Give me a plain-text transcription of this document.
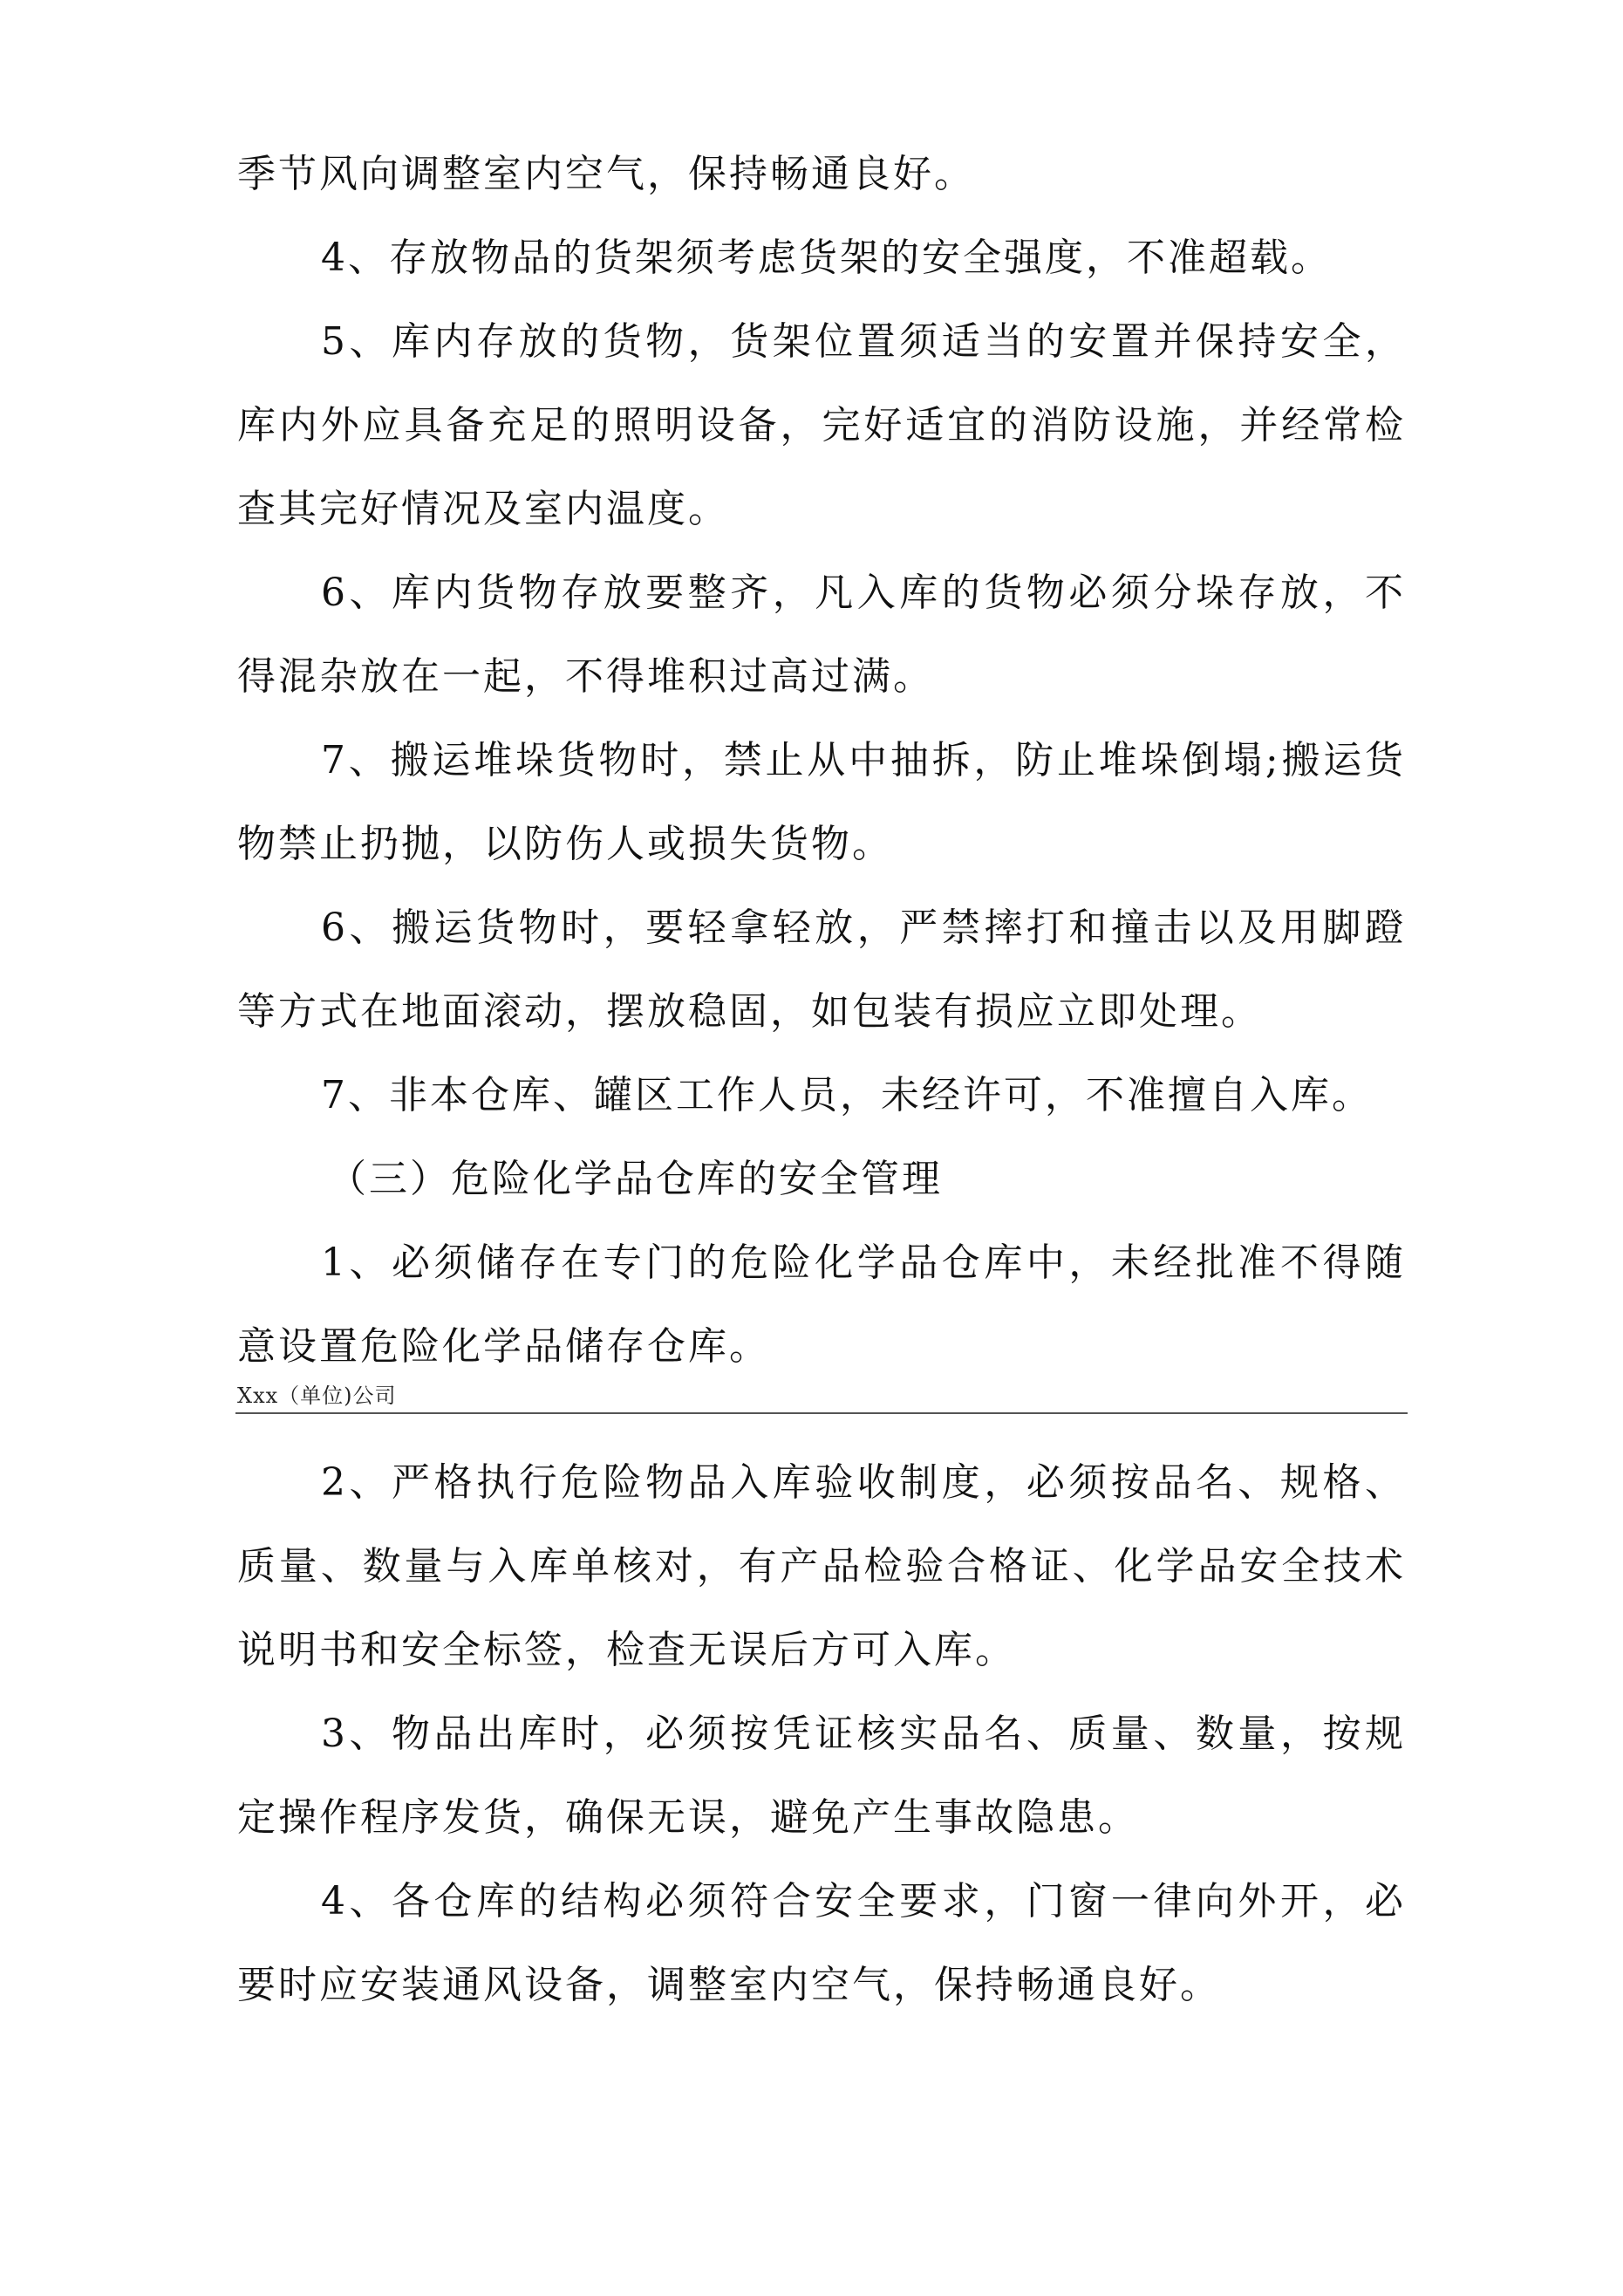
季节风向调整室内空气，保持畅通良好。

4、存放物品的货架须考虑货架的安全强度，不准超载。

5、库内存放的货物，货架位置须适当的安置并保持安全，库内外应具备充足的照明设备，完好适宜的消防设施，并经常检查其完好情况及室内温度。

6、库内货物存放要整齐，凡入库的货物必须分垛存放，不得混杂放在一起，不得堆积过高过满。

7、搬运堆垛货物时，禁止从中抽拆，防止堆垛倒塌;搬运货物禁止扔抛，以防伤人或损失货物。

6、搬运货物时，要轻拿轻放，严禁摔打和撞击以及用脚蹬等方式在地面滚动，摆放稳固，如包装有损应立即处理。

7、非本仓库、罐区工作人员，未经许可，不准擅自入库。

（三）危险化学品仓库的安全管理

1、必须储存在专门的危险化学品仓库中，未经批准不得随意设置危险化学品储存仓库。

Xxx（单位)公司

2、严格执行危险物品入库验收制度，必须按品名、规格、质量、数量与入库单核对，有产品检验合格证、化学品安全技术说明书和安全标签，检查无误后方可入库。

3、物品出库时，必须按凭证核实品名、质量、数量，按规定操作程序发货，确保无误，避免产生事故隐患。

4、各仓库的结构必须符合安全要求，门窗一律向外开，必要时应安装通风设备，调整室内空气，保持畅通良好。
